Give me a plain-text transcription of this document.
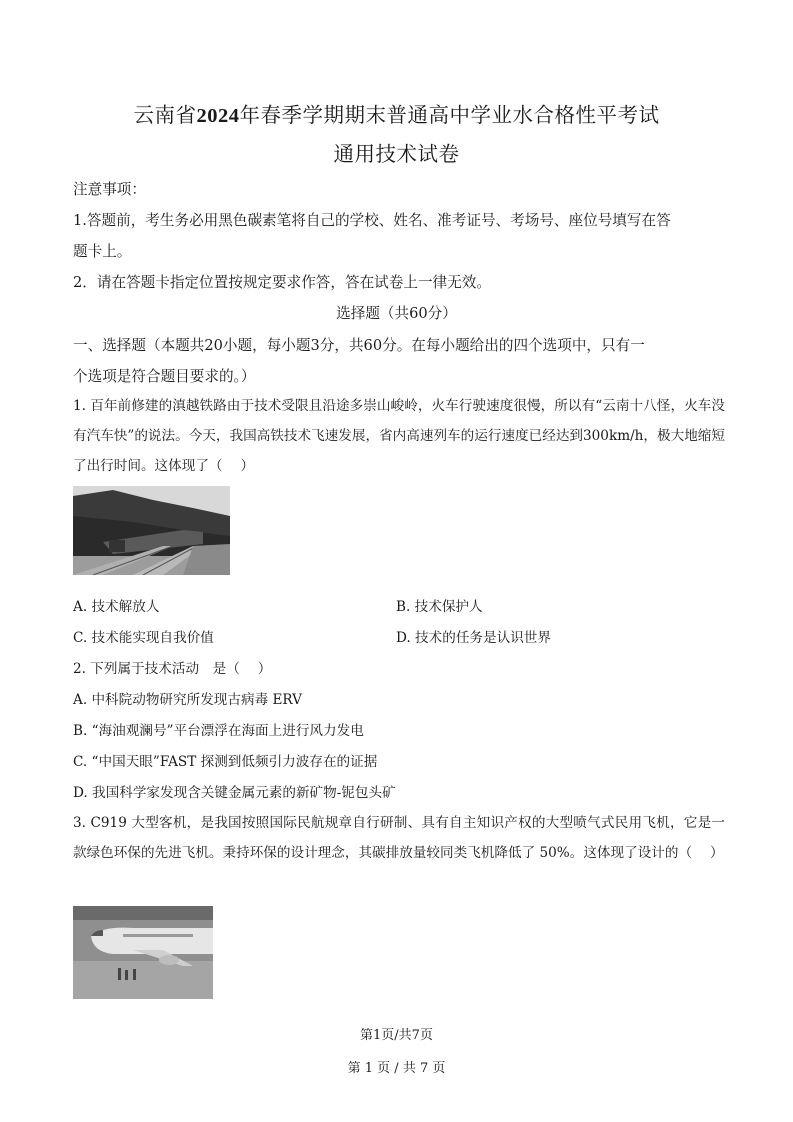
云南省2024年春季学期期末普通高中学业水合格性平考试
通用技术试卷
注意事项：
1.答题前，考生务必用黑色碳素笔将自己的学校、姓名、准考证号、考场号、座位号填写在答
题卡上。
2．请在答题卡指定位置按规定要求作答，答在试卷上一律无效。
选择题（共60分）
一、选择题（本题共20小题，每小题3分，共60分。在每小题给出的四个选项中，只有一
个选项是符合题目要求的。）
1. 百年前修建的滇越铁路由于技术受限且沿途多崇山峻岭，火车行驶速度很慢，所以有“云南十八怪，火车没有汽车快”的说法。今天，我国高铁技术飞速发展，省内高速列车的运行速度已经达到300km/h，极大地缩短了出行时间。这体现了（　 ）
A. 技术解放人	B. 技术保护人
C. 技术能实现自我价值	D. 技术的任务是认识世界
2. 下列属于技术活动　是（　 ）
A. 中科院动物研究所发现古病毒 ERV
B. “海油观澜号”平台漂浮在海面上进行风力发电
C. “中国天眼”FAST 探测到低频引力波存在的证据
D. 我国科学家发现含关键金属元素的新矿物-铌包头矿
3. C919 大型客机，是我国按照国际民航规章自行研制、具有自主知识产权的大型喷气式民用飞机，它是一款绿色环保的先进飞机。秉持环保的设计理念，其碳排放量较同类飞机降低了 50%。这体现了设计的（　 ）
第1页/共7页
第 1 页 / 共 7 页
